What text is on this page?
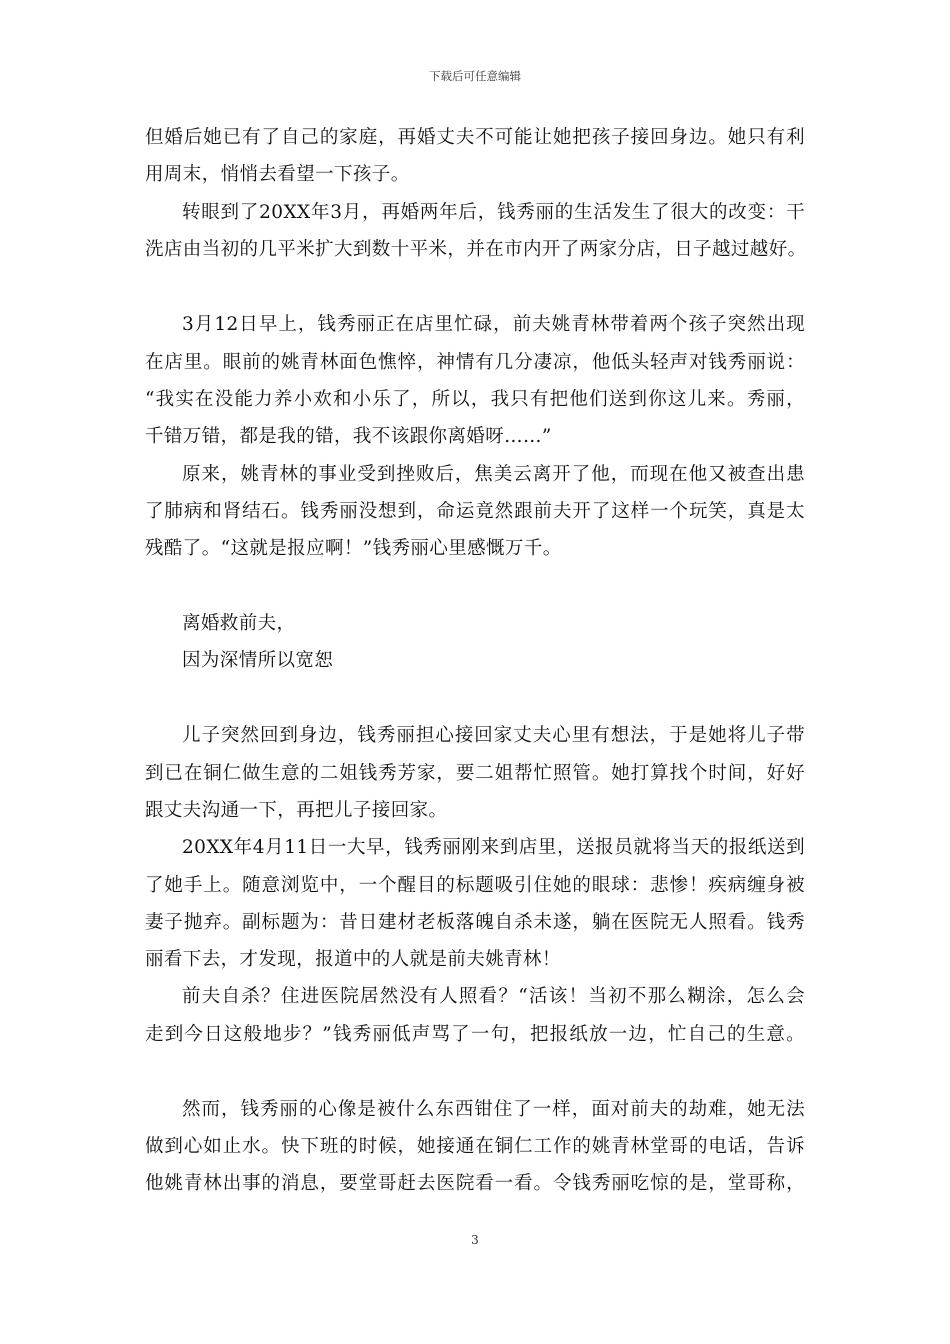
下载后可任意编辑
但婚后她已有了自己的家庭，再婚丈夫不可能让她把孩子接回身边。她只有利
用周末，悄悄去看望一下孩子。
转眼到了20XX年3月，再婚两年后，钱秀丽的生活发生了很大的改变：干
洗店由当初的几平米扩大到数十平米，并在市内开了两家分店，日子越过越好。
3月12日早上，钱秀丽正在店里忙碌，前夫姚青林带着两个孩子突然出现
在店里。眼前的姚青林面色憔悴，神情有几分凄凉，他低头轻声对钱秀丽说：
“我实在没能力养小欢和小乐了，所以，我只有把他们送到你这儿来。秀丽，
千错万错，都是我的错，我不该跟你离婚呀……”
原来，姚青林的事业受到挫败后，焦美云离开了他，而现在他又被查出患
了肺病和肾结石。钱秀丽没想到，命运竟然跟前夫开了这样一个玩笑，真是太
残酷了。“这就是报应啊！”钱秀丽心里感慨万千。
离婚救前夫，
因为深情所以宽恕
儿子突然回到身边，钱秀丽担心接回家丈夫心里有想法，于是她将儿子带
到已在铜仁做生意的二姐钱秀芳家，要二姐帮忙照管。她打算找个时间，好好
跟丈夫沟通一下，再把儿子接回家。
20XX年4月11日一大早，钱秀丽刚来到店里，送报员就将当天的报纸送到
了她手上。随意浏览中，一个醒目的标题吸引住她的眼球：悲惨！疾病缠身被
妻子抛弃。副标题为：昔日建材老板落魄自杀未遂，躺在医院无人照看。钱秀
丽看下去，才发现，报道中的人就是前夫姚青林！
前夫自杀？住进医院居然没有人照看？“活该！当初不那么糊涂，怎么会
走到今日这般地步？”钱秀丽低声骂了一句，把报纸放一边，忙自己的生意。
然而，钱秀丽的心像是被什么东西钳住了一样，面对前夫的劫难，她无法
做到心如止水。快下班的时候，她接通在铜仁工作的姚青林堂哥的电话，告诉
他姚青林出事的消息，要堂哥赶去医院看一看。令钱秀丽吃惊的是，堂哥称，
3
